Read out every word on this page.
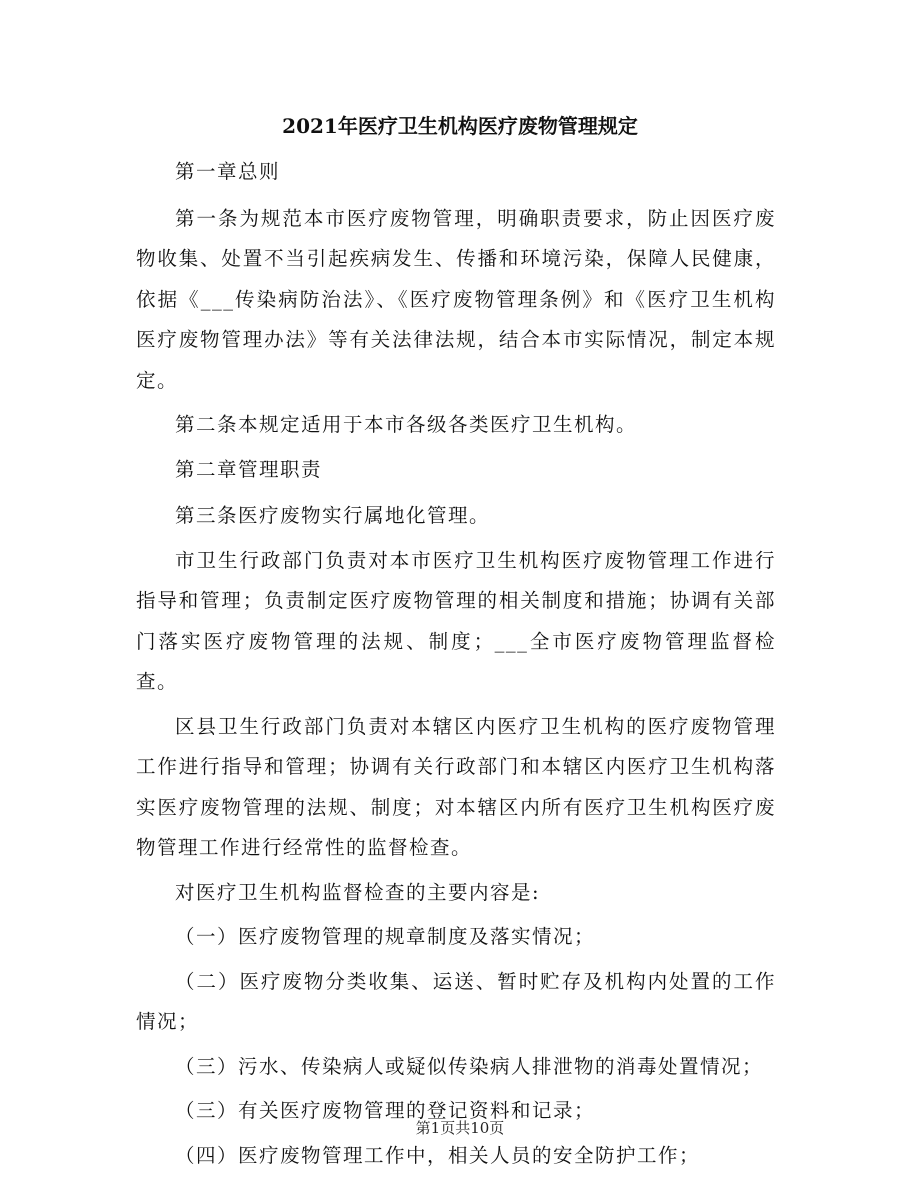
2021年医疗卫生机构医疗废物管理规定

第一章总则

第一条为规范本市医疗废物管理，明确职责要求，防止因医疗废物收集、处置不当引起疾病发生、传播和环境污染，保障人民健康，依据《___传染病防治法》、《医疗废物管理条例》和《医疗卫生机构医疗废物管理办法》等有关法律法规，结合本市实际情况，制定本规定。

第二条本规定适用于本市各级各类医疗卫生机构。

第二章管理职责

第三条医疗废物实行属地化管理。

市卫生行政部门负责对本市医疗卫生机构医疗废物管理工作进行指导和管理；负责制定医疗废物管理的相关制度和措施；协调有关部门落实医疗废物管理的法规、制度；___全市医疗废物管理监督检查。

区县卫生行政部门负责对本辖区内医疗卫生机构的医疗废物管理工作进行指导和管理；协调有关行政部门和本辖区内医疗卫生机构落实医疗废物管理的法规、制度；对本辖区内所有医疗卫生机构医疗废物管理工作进行经常性的监督检查。

对医疗卫生机构监督检查的主要内容是:

（一）医疗废物管理的规章制度及落实情况；

（二）医疗废物分类收集、运送、暂时贮存及机构内处置的工作情况；

（三）污水、传染病人或疑似传染病人排泄物的消毒处置情况；

（三）有关医疗废物管理的登记资料和记录；

（四）医疗废物管理工作中，相关人员的安全防护工作；

第1页共10页
